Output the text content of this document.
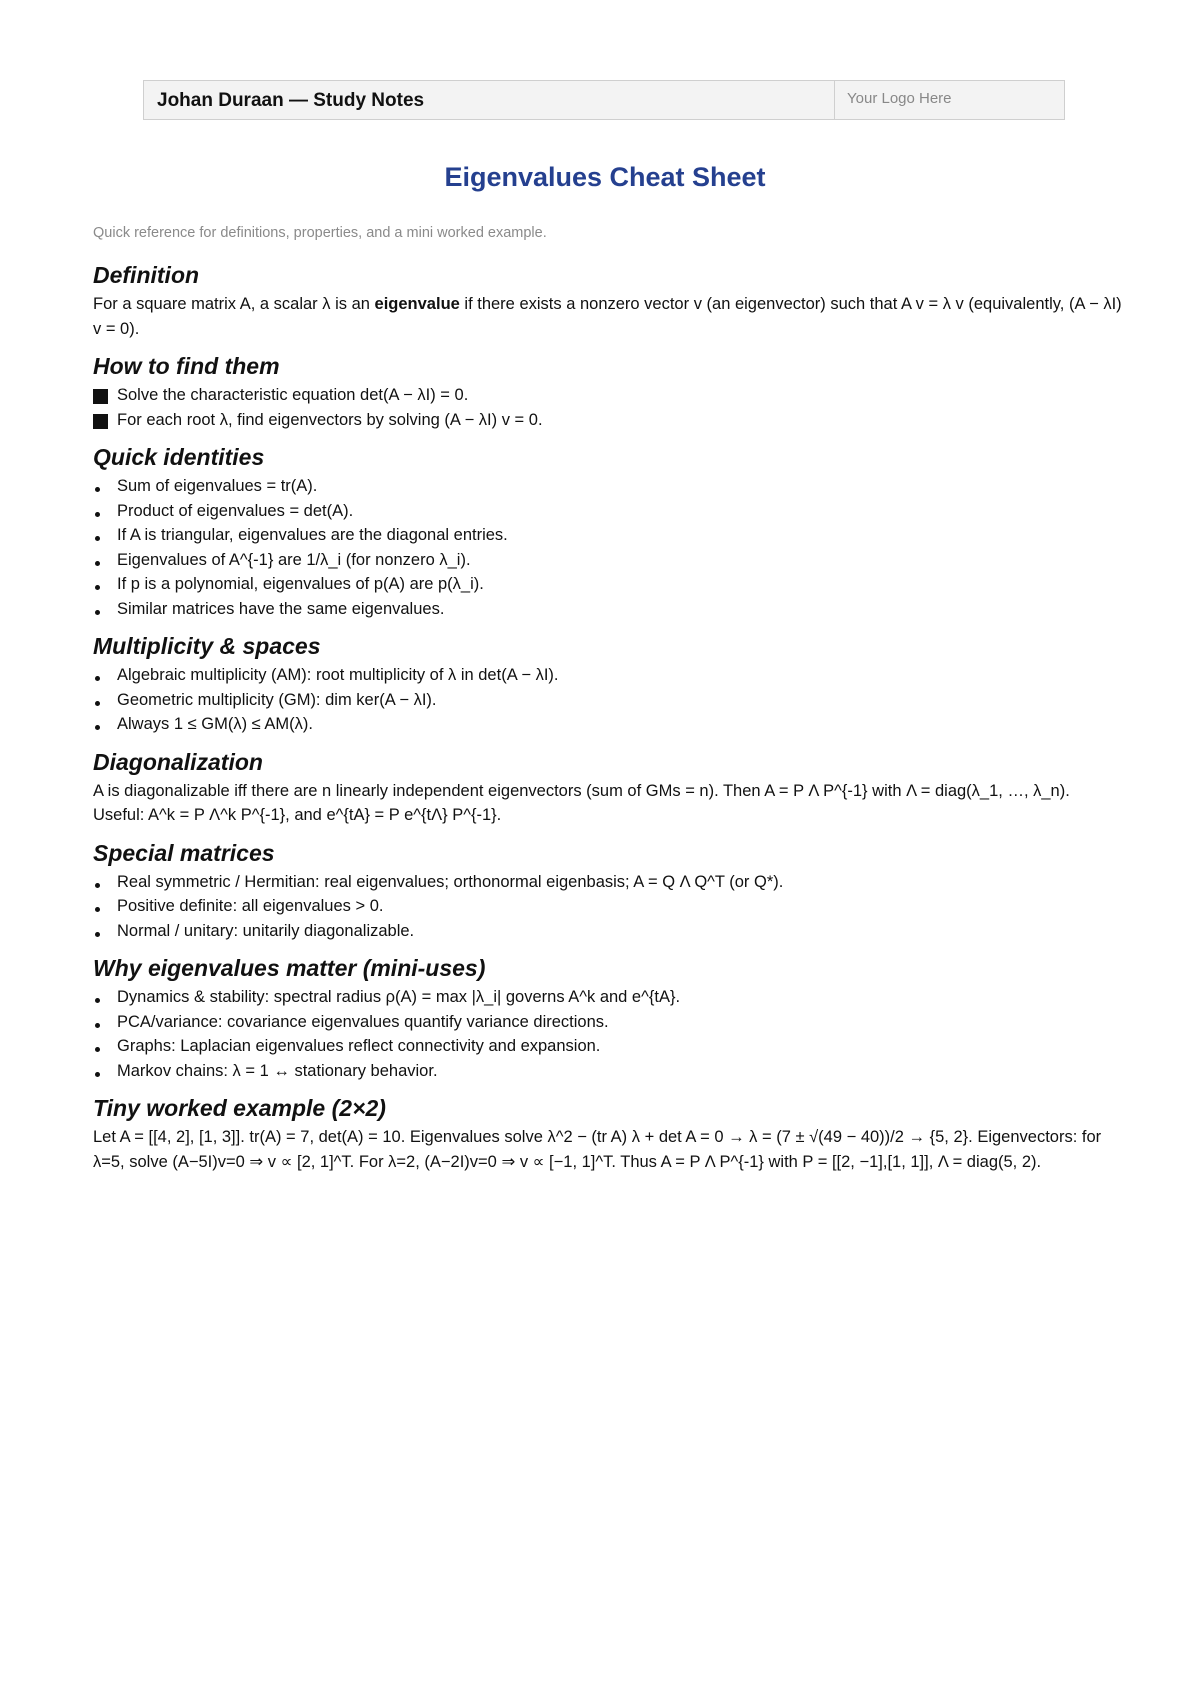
Johan Duraan — Study Notes	Your Logo Here
Eigenvalues Cheat Sheet
Quick reference for definitions, properties, and a mini worked example.
Definition

For a square matrix A, a scalar λ is an eigenvalue if there exists a nonzero vector v (an eigenvector) such that A v = λ v (equivalently, (A − λI) v = 0).

How to find them
Solve the characteristic equation det(A − λI) = 0.
For each root λ, find eigenvectors by solving (A − λI) v = 0.
Quick identities
Sum of eigenvalues = tr(A).
Product of eigenvalues = det(A).
If A is triangular, eigenvalues are the diagonal entries.
Eigenvalues of A^{-1} are 1/λ_i (for nonzero λ_i).
If p is a polynomial, eigenvalues of p(A) are p(λ_i).
Similar matrices have the same eigenvalues.
Multiplicity & spaces
Algebraic multiplicity (AM): root multiplicity of λ in det(A − λI).
Geometric multiplicity (GM): dim ker(A − λI).
Always 1 ≤ GM(λ) ≤ AM(λ).
Diagonalization

A is diagonalizable iff there are n linearly independent eigenvectors (sum of GMs = n). Then A = P Λ P^{-1} with Λ = diag(λ_1, …, λ_n). Useful: A^k = P Λ^k P^{-1}, and e^{tA} = P e^{tΛ} P^{-1}.

Special matrices
Real symmetric / Hermitian: real eigenvalues; orthonormal eigenbasis; A = Q Λ Q^T (or Q*).
Positive definite: all eigenvalues > 0.
Normal / unitary: unitarily diagonalizable.
Why eigenvalues matter (mini-uses)
Dynamics & stability: spectral radius ρ(A) = max |λ_i| governs A^k and e^{tA}.
PCA/variance: covariance eigenvalues quantify variance directions.
Graphs: Laplacian eigenvalues reflect connectivity and expansion.
Markov chains: λ = 1 ↔ stationary behavior.
Tiny worked example (2×2)

Let A = [[4, 2], [1, 3]]. tr(A) = 7, det(A) = 10. Eigenvalues solve λ^2 − (tr A) λ + det A = 0 → λ = (7 ± √(49 − 40))/2 → {5, 2}. Eigenvectors: for λ=5, solve (A−5I)v=0 ⇒ v ∝ [2, 1]^T. For λ=2, (A−2I)v=0 ⇒ v ∝ [−1, 1]^T. Thus A = P Λ P^{-1} with P = [[2, −1],[1, 1]], Λ = diag(5, 2).
